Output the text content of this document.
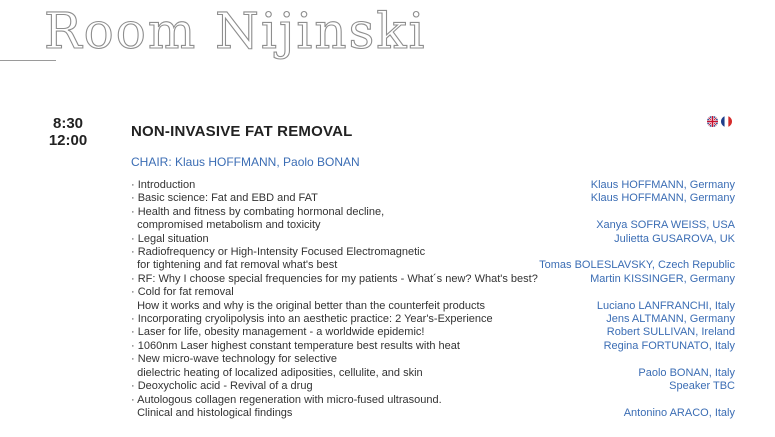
Room Nijinski
8:30
12:00
NON-INVASIVE FAT REMOVAL
CHAIR: Klaus HOFFMANN, Paolo BONAN
· Introduction	Klaus HOFFMANN, Germany
· Basic science: Fat and EBD and FAT	Klaus HOFFMANN, Germany
· Health and fitness by combating hormonal decline,
compromised metabolism and toxicity	Xanya SOFRA WEISS, USA
· Legal situation	Julietta GUSAROVA, UK
· Radiofrequency or High-Intensity Focused Electromagnetic
for tightening and fat removal what's best	Tomas BOLESLAVSKY, Czech Republic
· RF: Why I choose special frequencies for my patients - What´s new? What's best?	Martin KISSINGER, Germany
· Cold for fat removal
How it works and why is the original better than the counterfeit products	Luciano LANFRANCHI, Italy
· Incorporating cryolipolysis into an aesthetic practice: 2 Year's-Experience	Jens ALTMANN, Germany
· Laser for life, obesity management - a worldwide epidemic!	Robert SULLIVAN, Ireland
· 1060nm Laser highest constant temperature best results with heat	Regina FORTUNATO, Italy
· New micro-wave technology for selective
dielectric heating of localized adiposities, cellulite, and skin	Paolo BONAN, Italy
· Deoxycholic acid - Revival of a drug	Speaker TBC
· Autologous collagen regeneration with micro-fused ultrasound.
Clinical and histological findings	Antonino ARACO, Italy
